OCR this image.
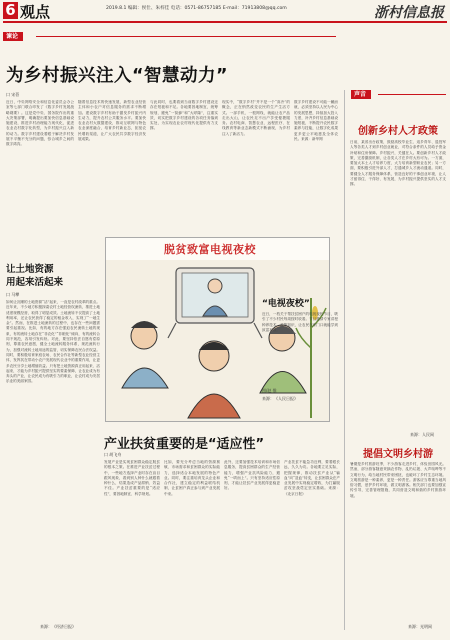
6 观点	2019.8.1 编辑：侯仕、朱梓佳 电话：0571-86757185 E-mail：71913808@qq.com	浙村信息报
谏论
为乡村振兴注入“智慧动力”
口 宋蓓
近日，中央网络安全和信息化委员会办公室等七部门联合印发了《数字乡村发展战略纲要》。这是党中央、国务院作出的重大决策部署，明确提出要加快信息基础设施建设，推进乡村治理能力现代化，促进农业农村数字化转型，为乡村振兴注入新的动力。数字乡村建设着眼于解决乡村发展不平衡不充分的问题，弥合城乡之间的数字鸿沟。
随着信息技术的快速发展，新型农业经营主体和小农户对信息服务的需求不断增加。建设数字乡村有助于激发乡村振兴内生动力，提升农村公共服务水平。要加快农业农村大数据建设，推动互联网与特色农业深度融合，培育乡村新业态，拓宽农民增收渠道，让广大农民共享数字经济发展成果。
与此同时，也要看到当前数字乡村建设还存在短板和不足。各地要因地制宜，统筹规划，避免“一窝蜂”和“大呼隆”，注重实效，切实把数字乡村建设的各项任务落到实处，为实现农业农村现代化提供有力支撑。
现实中，“数字乡村”并不是一个“高冷”的概念，正在悄然改变农民的生产生活方式。一部手机、一根网线，就能让农产品走出大山，让农民足不出户享受便捷服务。农村电商、智慧农业、远程医疗、在线教育等新业态新模式不断涌现，为乡村注入了新活力。
数字乡村建设不可能一蹴而就，必须坚持以人民为中心的发展思想，持续加大投入力度，补齐乡村信息基础设施短板，不断提升农民数字素养与技能，让数字化成果更多更公平地惠及全体农民。来源：新华网
让土地资源
用起来活起来
口 马攀
如何让沉睡的土地资源“活”起来，一直是农村改革的重点。近年来，不少地方积极探索农村土地经营权流转，推进土地适度规模经营，取得了明显成效。土地流转不仅提高了土地利用率，还让农民获得了稳定的租金收入，实现了“一地生金”。然而，在推进土地流转的过程中，也存在一些问题需要引起重视。比如，有的地方存在强迫农民流转土地的现象，有的流转土地存在“非农化”“非粮化”倾向，有的流转合同不规范，容易引发纠纷。对此，要坚持依法自愿有偿原则，尊重农民意愿，健全土地流转服务体系，规范流转行为，加强对流转土地用途的监管，切实保障农民合法权益。同时，要积极培育家庭农场、农民合作社等新型农业经营主体，发挥其在带动小农户发展现代农业中的重要作用，让更多农民分享土地增值收益。只有把土地资源真正用起来、活起来，才能为乡村振兴提供坚实的要素保障，让农业成为有奔头的产业，让农民成为有吸引力的职业，让农村成为安居乐业的美丽家园。
来源：《经济日报》
脱贫致富电视夜校
“电视夜校”
近日，一档关于帮扶贫困户的电视夜校节目，吸引了不少村民每周按时收看。节目邀请专家讲授种养技术、政策知识，让农民在家门口就能学到致富本领。
图/赵 惟
来源：《人民日报》
产业扶贫重要的是“适应性”
口 胡飞舟
发展产业是实现贫困群众稳定脱贫的根本之策。在推进产业扶贫过程中，一些地方选择产业时存在盲目跟风现象，看到别人种什么就跟着种什么，结果造成产品滞销、效益不佳。产业扶贫重要的是“适应性”，要因地制宜、科学规划。
比如，要充分考虑当地的资源禀赋、市场需求和贫困群众的实际能力，选择适合本地发展的特色产业。同时，要注重培育龙头企业和合作社，建立稳定的利益联结机制，让贫困户真正参与到产业发展中来。
此外，还要加强技术培训和市场信息服务，提高贫困群众的生产经营能力，增强产业抗风险能力，避免“一哄而上”。只有坚持适应性原则，才能让扶贫产业发展得更稳更好。
产业扶贫不能急功近利，要着眼长远，久久为功。各地要立足实际，把握规律，推动扶贫产业从“输血”向“造血”转变，让贫困群众在产业发展中实现稳定增收，为打赢脱贫攻坚战奠定坚实基础。来源：《北京日报》
声音
创新乡村人才政策
日前，某省出台政策，鼓励高校毕业生、返乡青年、退役军人等各类人才到乡村创业就业，对符合条件的人员给予资金补贴和住房保障。乡村振兴，关键在人。要创新乡村人才政策，完善激励机制，让各类人才在乡村大有可为。一方面，要加大本土人才培养力度，大力培育新型职业农民；另一方面，要积极引进外部人才，打通城乡人才流动通道。同时，要健全人才服务保障体系，营造良好的干事创业环境，让人才留得住、干得好、有发展，为乡村振兴提供坚实的人才支撑。
来源：人民网
提倡文明乡村游
暑期是乡村旅游旺季，不少游客走进乡村，体验田园风光。然而，部分游客随意采摘农作物、乱扔垃圾、大声喧哗等不文明行为，给当地村民带来困扰，也破坏了乡村生态环境。文明旅游是一种素养，更是一种责任。游客应当尊重当地风俗习惯，爱护乡村环境，做文明游客。相关部门也要加强宣传引导，完善管理措施，共同营造文明和谐的乡村旅游环境。
来源：光明网
